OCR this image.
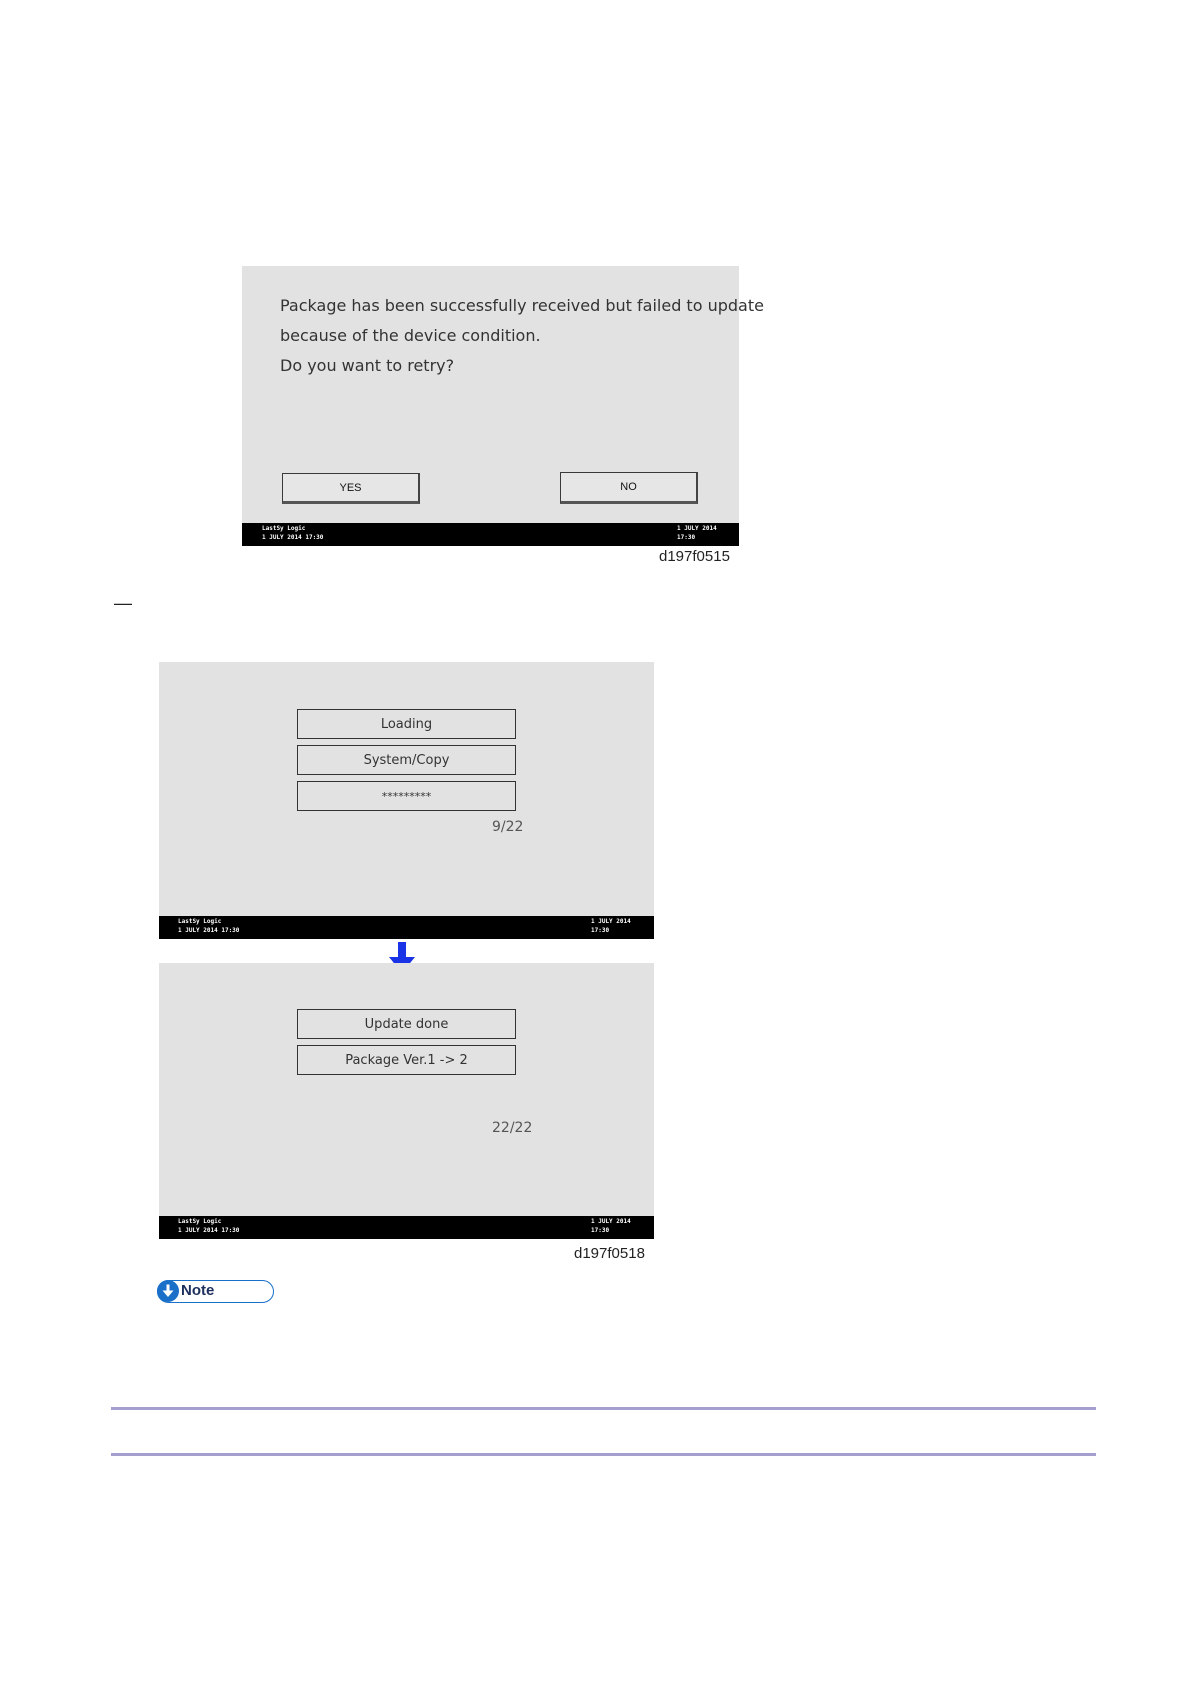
Package has been successfully received but failed to update
because of the device condition.
Do you want to retry?
YES	NO
LastSy Logic
1 JULY 2014 17:30
1 JULY 2014
17:30
d197f0515
—
Loading
System/Copy
*********
9/22
LastSy Logic
1 JULY 2014 17:30
1 JULY 2014
17:30
Update done
Package Ver.1 -> 2
22/22
LastSy Logic
1 JULY 2014 17:30
1 JULY 2014
17:30
d197f0518
Note
